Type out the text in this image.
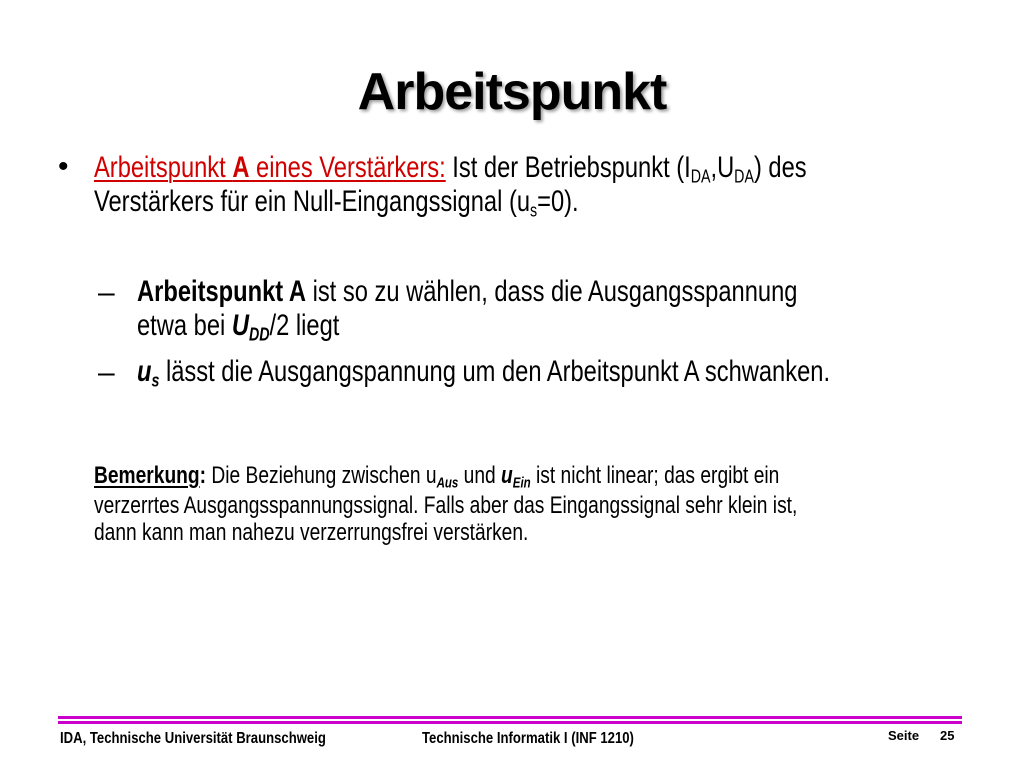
Arbeitspunkt
• Arbeitspunkt A eines Verstärkers: Ist der Betriebspunkt $(I_{DA},U_{DA})$ des
Verstärkers für ein Null-Eingangssignal $(u_s=0)$.
– Arbeitspunkt A ist so zu wählen, dass die Ausgangsspannung
etwa bei $U_{DD}/2$ liegt
– $u_s$ lässt die Ausgangspannung um den Arbeitspunkt A schwanken.
Bemerkung: Die Beziehung zwischen $u_{Aus}$ und $u_{Ein}$ ist nicht linear; das ergibt ein
verzerrtes Ausgangsspannungssignal. Falls aber das Eingangssignal sehr klein ist,
dann kann man nahezu verzerrungsfrei verstärken.
IDA, Technische Universität Braunschweig	Technische Informatik I (INF 1210)	Seite 25
